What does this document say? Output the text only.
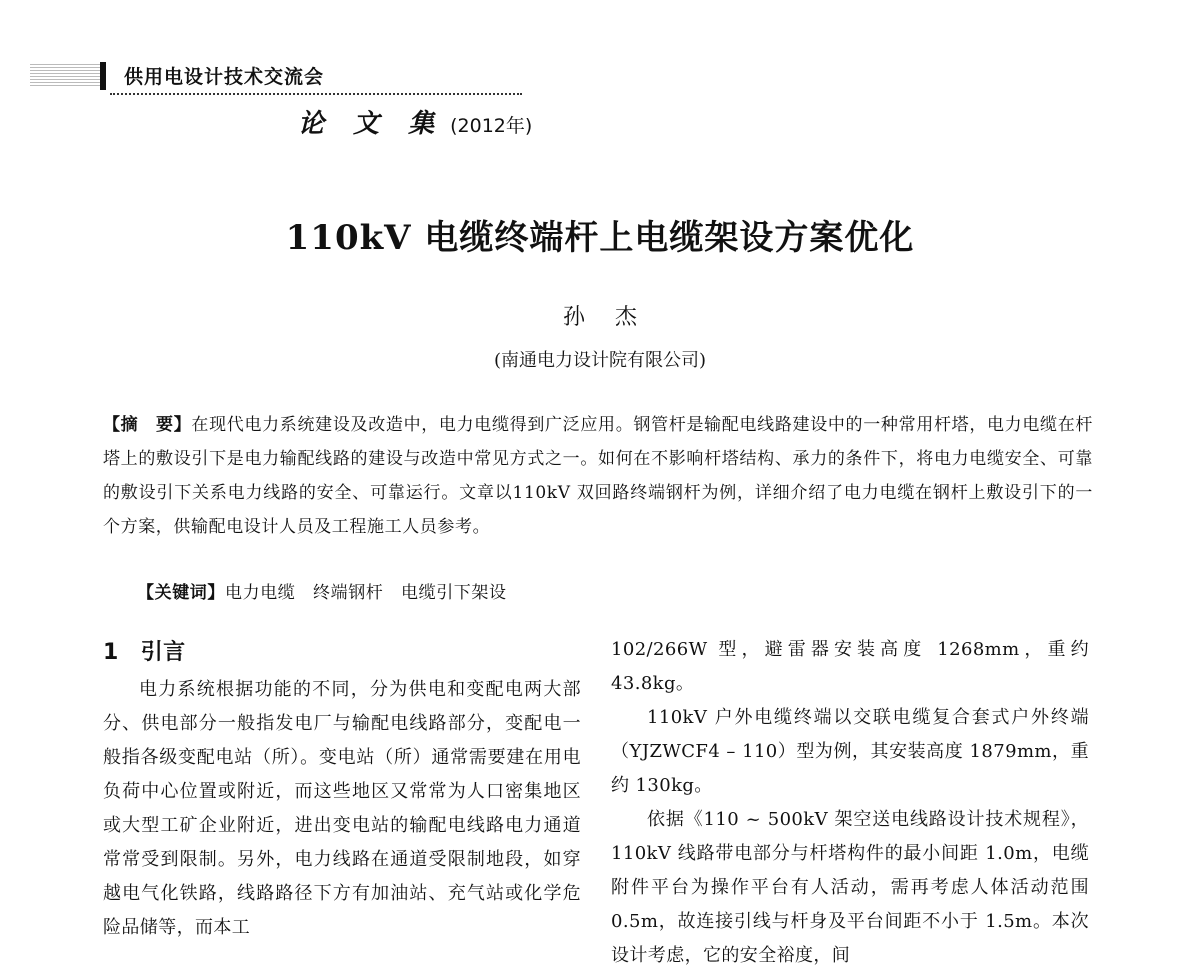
供用电设计技术交流会
论 文 集 (2012年)
110kV 电缆终端杆上电缆架设方案优化
孙杰
(南通电力设计院有限公司)

【摘　要】在现代电力系统建设及改造中，电力电缆得到广泛应用。钢管杆是输配电线路建设中的一种常用杆塔，电力电缆在杆塔上的敷设引下是电力输配线路的建设与改造中常见方式之一。如何在不影响杆塔结构、承力的条件下，将电力电缆安全、可靠的敷设引下关系电力线路的安全、可靠运行。文章以110kV 双回路终端钢杆为例，详细介绍了电力电缆在钢杆上敷设引下的一个方案，供输配电设计人员及工程施工人员参考。

【关键词】电力电缆　终端钢杆　电缆引下架设

1 引言

电力系统根据功能的不同，分为供电和变配电两大部分、供电部分一般指发电厂与输配电线路部分，变配电一般指各级变配电站（所）。变电站（所）通常需要建在用电负荷中心位置或附近，而这些地区又常常为人口密集地区或大型工矿企业附近，进出变电站的输配电线路电力通道常常受到限制。另外，电力线路在通道受限制地段，如穿越电气化铁路，线路路径下方有加油站、充气站或化学危险品储等，而本工

102/266W 型，避雷器安装高度 1268mm，重约 43.8kg。

110kV 户外电缆终端以交联电缆复合套式户外终端（YJZWCF4 – 110）型为例，其安装高度 1879mm，重约 130kg。

依据《110 ~ 500kV 架空送电线路设计技术规程》，110kV 线路带电部分与杆塔构件的最小间距 1.0m，电缆附件平台为操作平台有人活动，需再考虑人体活动范围 0.5m，故连接引线与杆身及平台间距不小于 1.5m。本次设计考虑，它的安全裕度，间
